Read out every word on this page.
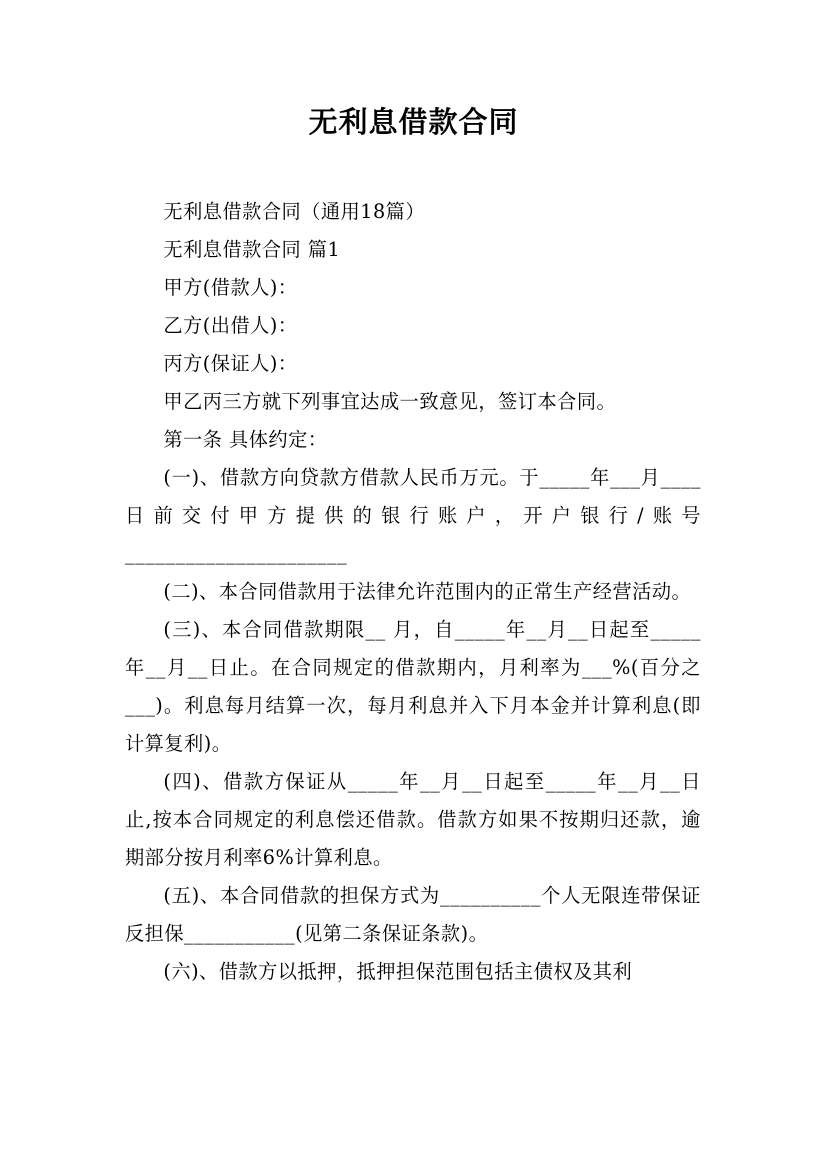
无利息借款合同

无利息借款合同（通用18篇）

无利息借款合同 篇1

甲方(借款人)：

乙方(出借人)：

丙方(保证人)：

甲乙丙三方就下列事宜达成一致意见，签订本合同。

第一条 具体约定：

(一)、借款方向贷款方借款人民币万元。于_____年___月____日前交付甲方提供的银行账户，开户银行/账号______________________

(二)、本合同借款用于法律允许范围内的正常生产经营活动。

(三)、本合同借款期限__ 月，自_____年__月__日起至_____年__月__日止。在合同规定的借款期内，月利率为___%(百分之___)。利息每月结算一次，每月利息并入下月本金并计算利息(即计算复利)。

(四)、借款方保证从_____年__月__日起至_____年__月__日止,按本合同规定的利息偿还借款。借款方如果不按期归还款，逾期部分按月利率6%计算利息。

(五)、本合同借款的担保方式为__________个人无限连带保证反担保___________(见第二条保证条款)。

(六)、借款方以抵押，抵押担保范围包括主债权及其利
